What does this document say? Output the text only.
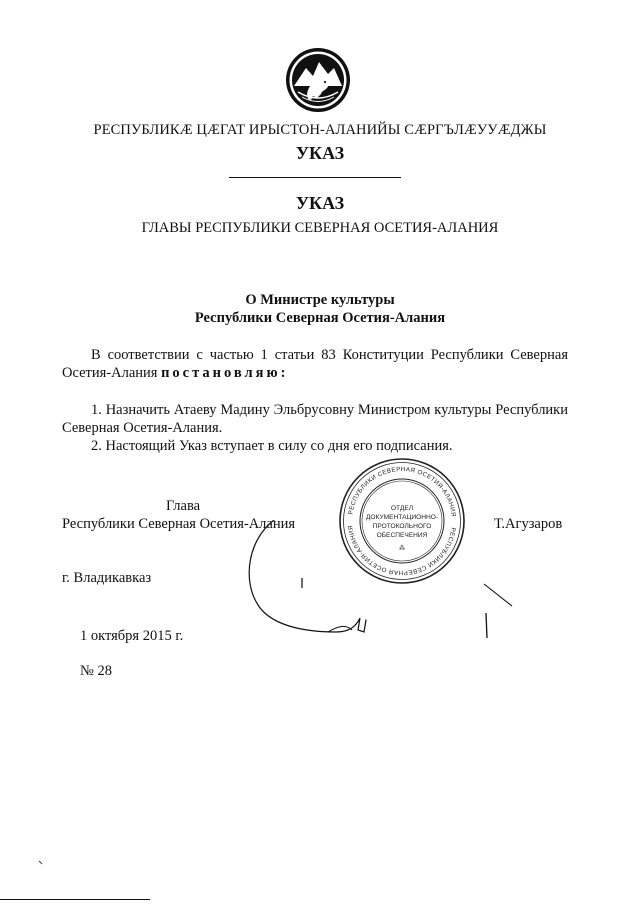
РЕСПУБЛИКÆ ЦÆГАТ ИРЫСТОН-АЛАНИЙЫ СÆРГЪЛÆУУÆДЖЫ
УКАЗ
УКАЗ
ГЛАВЫ РЕСПУБЛИКИ СЕВЕРНАЯ ОСЕТИЯ-АЛАНИЯ
О Министре культуры
Республики Северная Осетия-Алания
В соответствии с частью 1 статьи 83 Конституции Республики Северная Осетия-Алания постановляю:
1. Назначить Атаеву Мадину Эльбрусовну Министром культуры Республики Северная Осетия-Алания.
2. Настоящий Указ вступает в силу со дня его подписания.
Глава
Республики Северная Осетия-Алания	Т.Агузаров
РЕСПУБЛИКИ СЕВЕРНАЯ ОСЕТИЯ-АЛАНИЯ
РЕСПУБЛИКИ СЕВЕРНАЯ ОСЕТИЯ-АЛАНИЯ
ОТДЕЛ
ДОКУМЕНТАЦИОННО-
ПРОТОКОЛЬНОГО
ОБЕСПЕЧЕНИЯ
⁂
г. Владикавказ
1 октября 2015 г.
№ 28
